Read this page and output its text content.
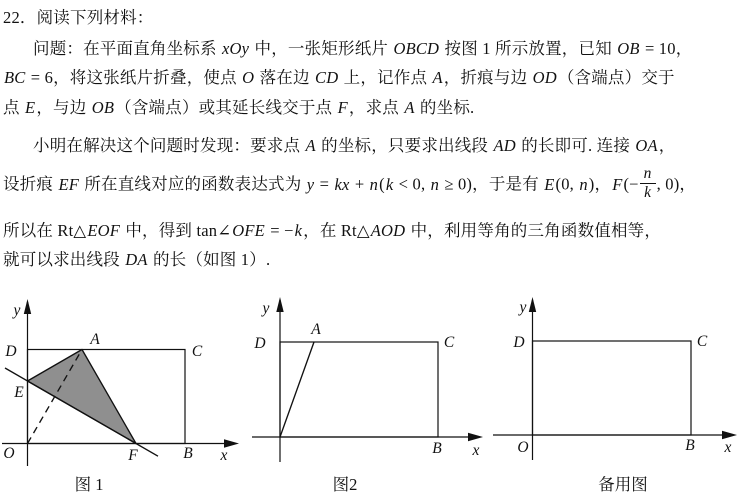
22．阅读下列材料：
问题：在平面直角坐标系 xOy 中，一张矩形纸片 OBCD 按图 1 所示放置，已知 OB = 10，
BC = 6，将这张纸片折叠，使点 O 落在边 CD 上，记作点 A，折痕与边 OD（含端点）交于
点 E，与边 OB（含端点）或其延长线交于点 F，求点 A 的坐标.
小明在解决这个问题时发现：要求点 A 的坐标，只要求出线段 AD 的长即可. 连接 OA，
设折痕 EF 所在直线对应的函数表达式为 y = kx + n(k < 0, n ≥ 0)，于是有 E(0, n)，$F(- \frac{n}{k}$ , 0)，
所以在 Rt△EOF 中，得到 tan∠OFE = −k，在 Rt△AOD 中，利用等角的三角函数值相等，
就可以求出线段 DA 的长（如图 1）.
y
D
A
C
E
O	F	B x
图 1
y
D
A
C
B x
图2
y
D	C
O	B x
备用图
